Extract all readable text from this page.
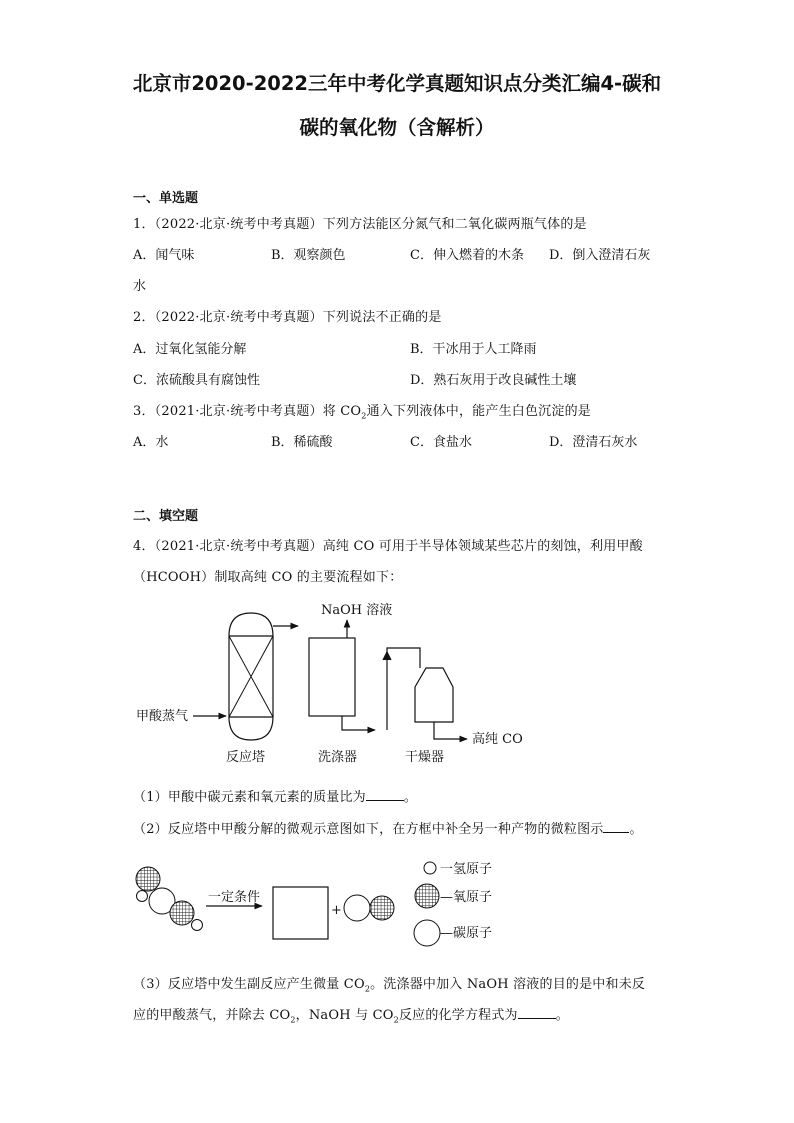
北京市2020-2022三年中考化学真题知识点分类汇编4-碳和
碳的氧化物（含解析）
一、单选题
1．（2022·北京·统考中考真题）下列方法能区分氮气和二氧化碳两瓶气体的是
A．闻气味	B．观察颜色	C．伸入燃着的木条 D．倒入澄清石灰
水
2．（2022·北京·统考中考真题）下列说法不正确的是
A．过氧化氢能分解	B．干冰用于人工降雨
C．浓硫酸具有腐蚀性	D．熟石灰用于改良碱性土壤
3．（2021·北京·统考中考真题）将 $CO_2$通入下列液体中，能产生白色沉淀的是
A．水	B．稀硫酸	C．食盐水	D．澄清石灰水
二、填空题
4．（2021·北京·统考中考真题）高纯 CO 可用于半导体领域某些芯片的刻蚀，利用甲酸
（HCOOH）制取高纯 CO 的主要流程如下：
甲酸蒸气
NaOH 溶液
反应塔	洗涤器	干燥器
高纯 CO
一定条件
+
一氢原子
—氧原子
—碳原子
（1）甲酸中碳元素和氧元素的质量比为	。
（2）反应塔中甲酸分解的微观示意图如下，在方框中补全另一种产物的微粒图示 。
（3）反应塔中发生副反应产生微量 $CO_2$。洗涤器中加入 NaOH 溶液的目的是中和未反
应的甲酸蒸气，并除去 $CO_2$，NaOH 与 $CO_2$反应的化学方程式为	。
